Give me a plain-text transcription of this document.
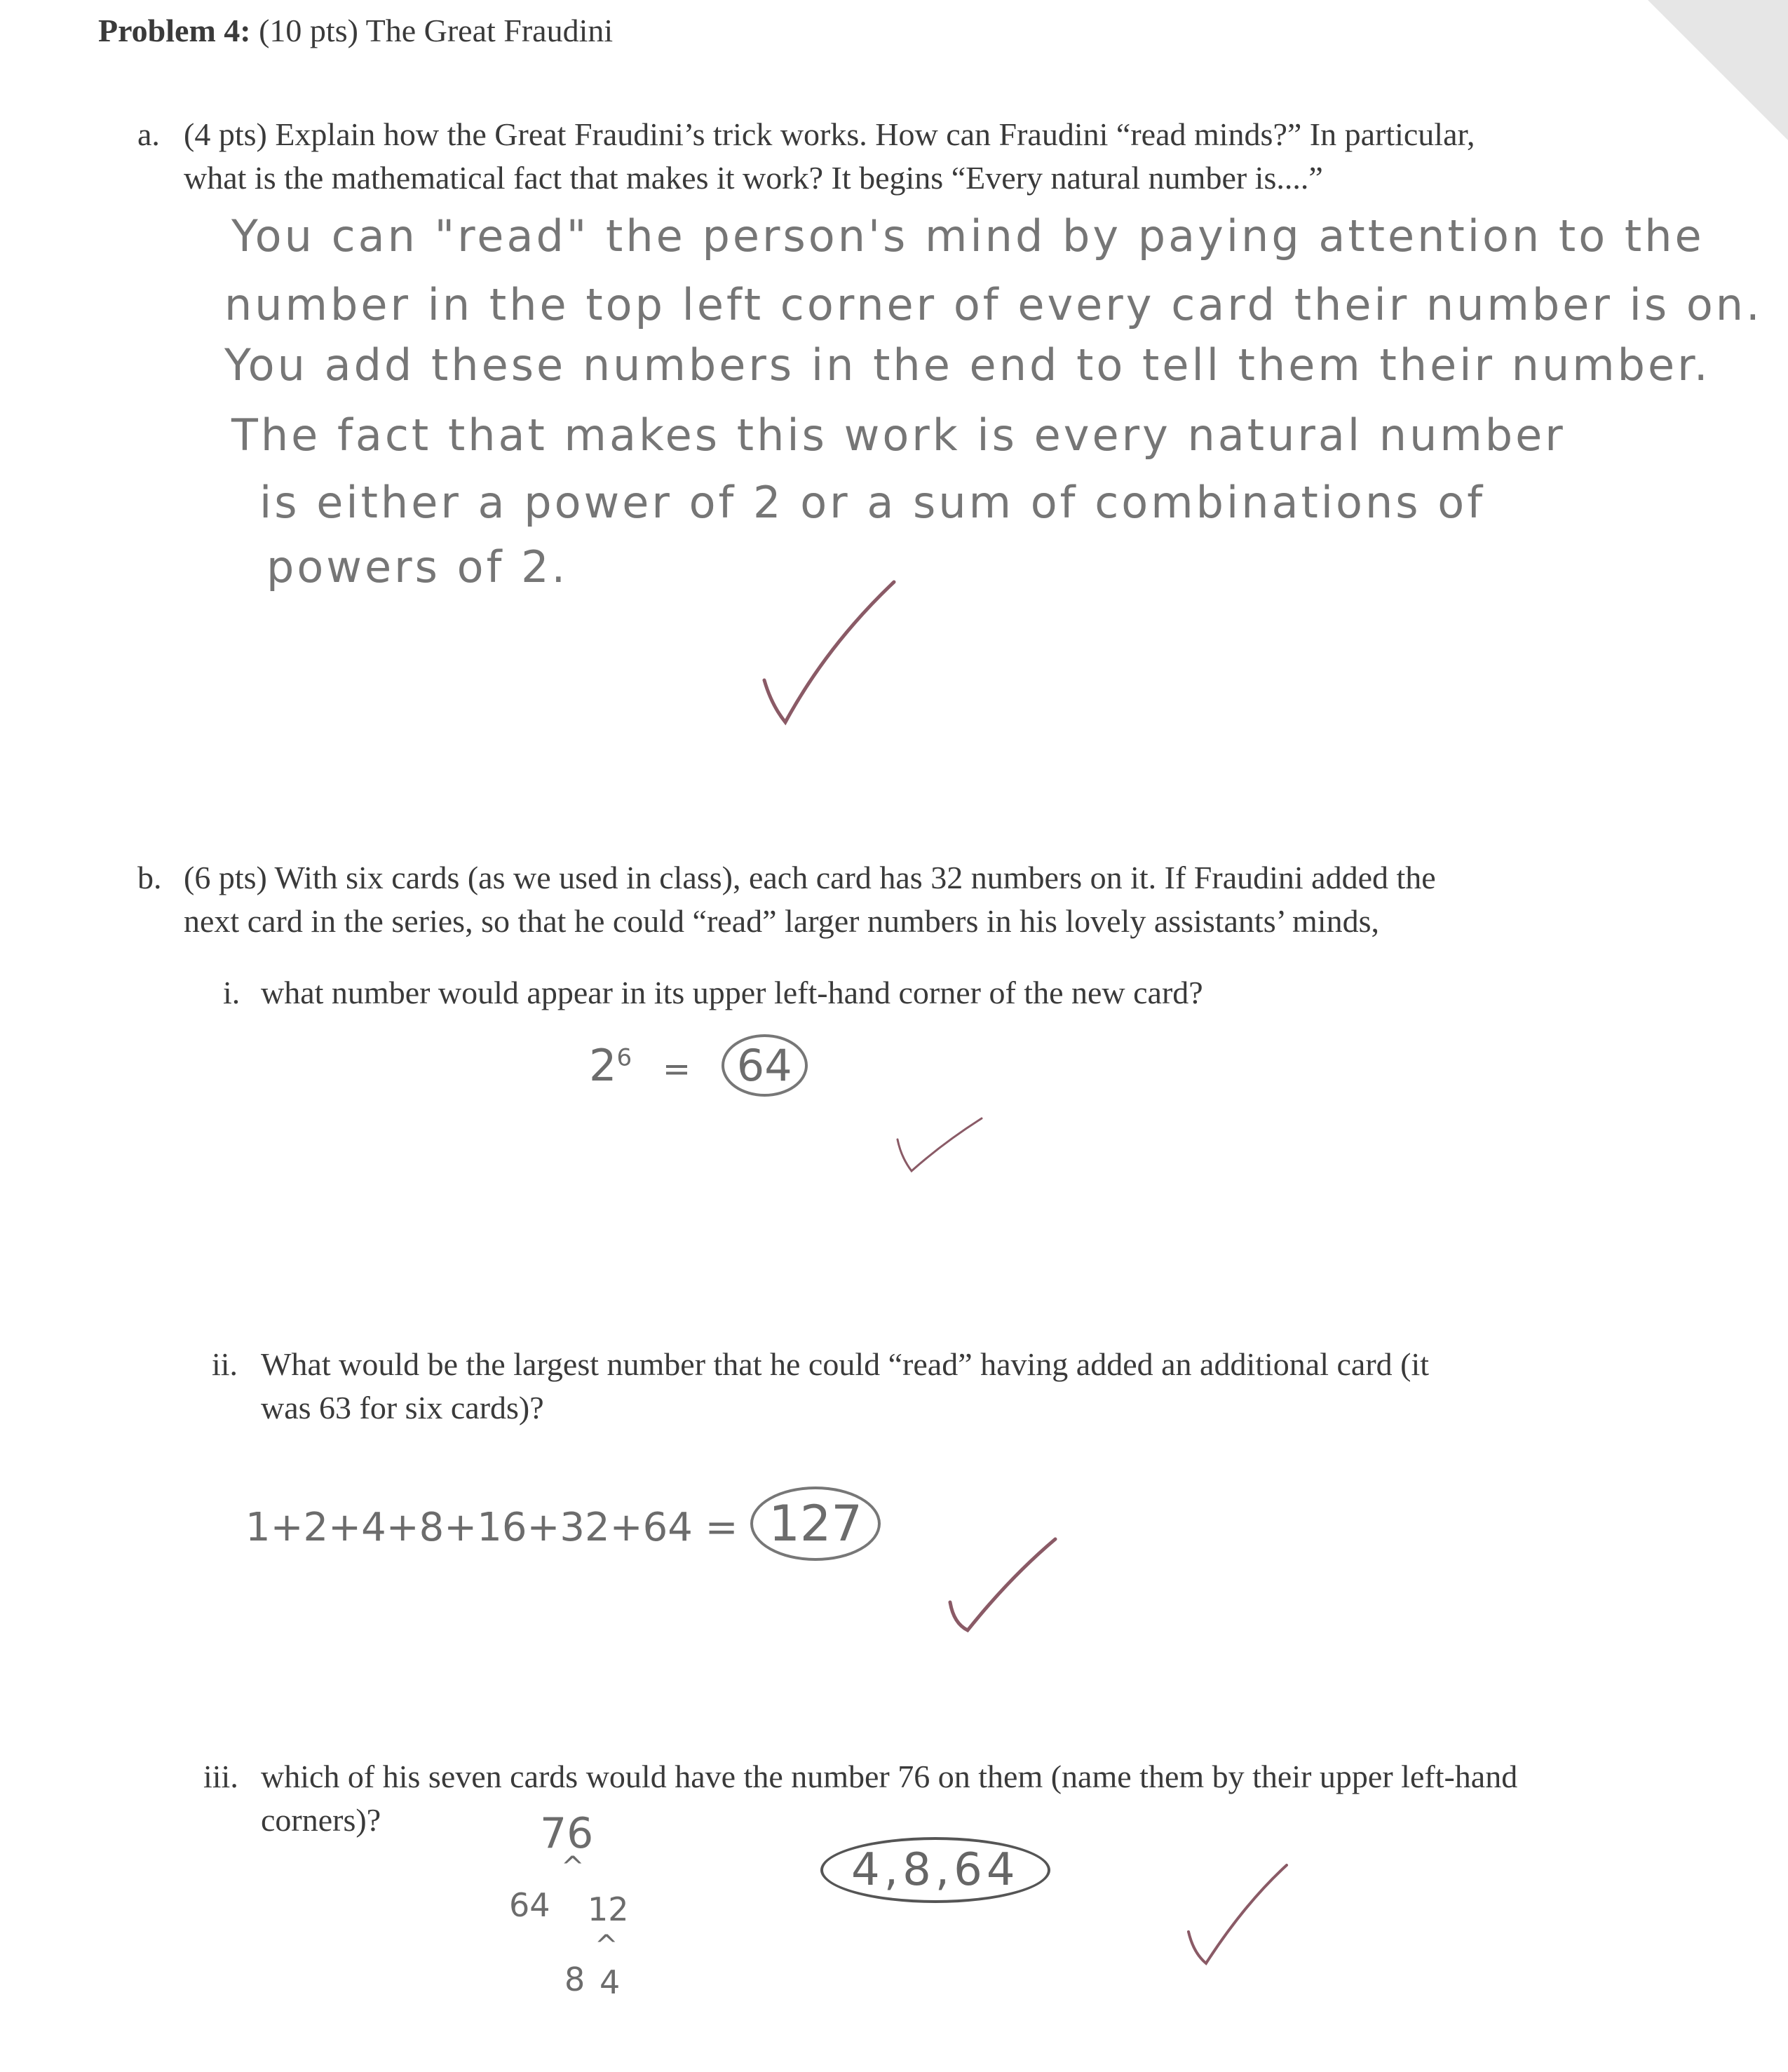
Problem 4: (10 pts) The Great Fraudini
a. (4 pts) Explain how the Great Fraudini’s trick works. How can Fraudini “read minds?” In particular,
what is the mathematical fact that makes it work? It begins “Every natural number is....”
You can "read" the person's mind by paying attention to the
number in the top left corner of every card their number is on.
You add these numbers in the end to tell them their number.
The fact that makes this work is every natural number
is either a power of 2 or a sum of combinations of
powers of 2.
b. (6 pts) With six cards (as we used in class), each card has 32 numbers on it. If Fraudini added the
next card in the series, so that he could “read” larger numbers in his lovely assistants’ minds,
i. what number would appear in its upper left-hand corner of the new card?
$2^6 = 64$
ii. What would be the largest number that he could “read” having added an additional card (it
was 63 for six cards)?
1+2+4+8+16+32+64 = 127
iii. which of his seven cards would have the number 76 on them (name them by their upper left-hand
corners)?	76
^
64 12
^
8 4
4,8,64
